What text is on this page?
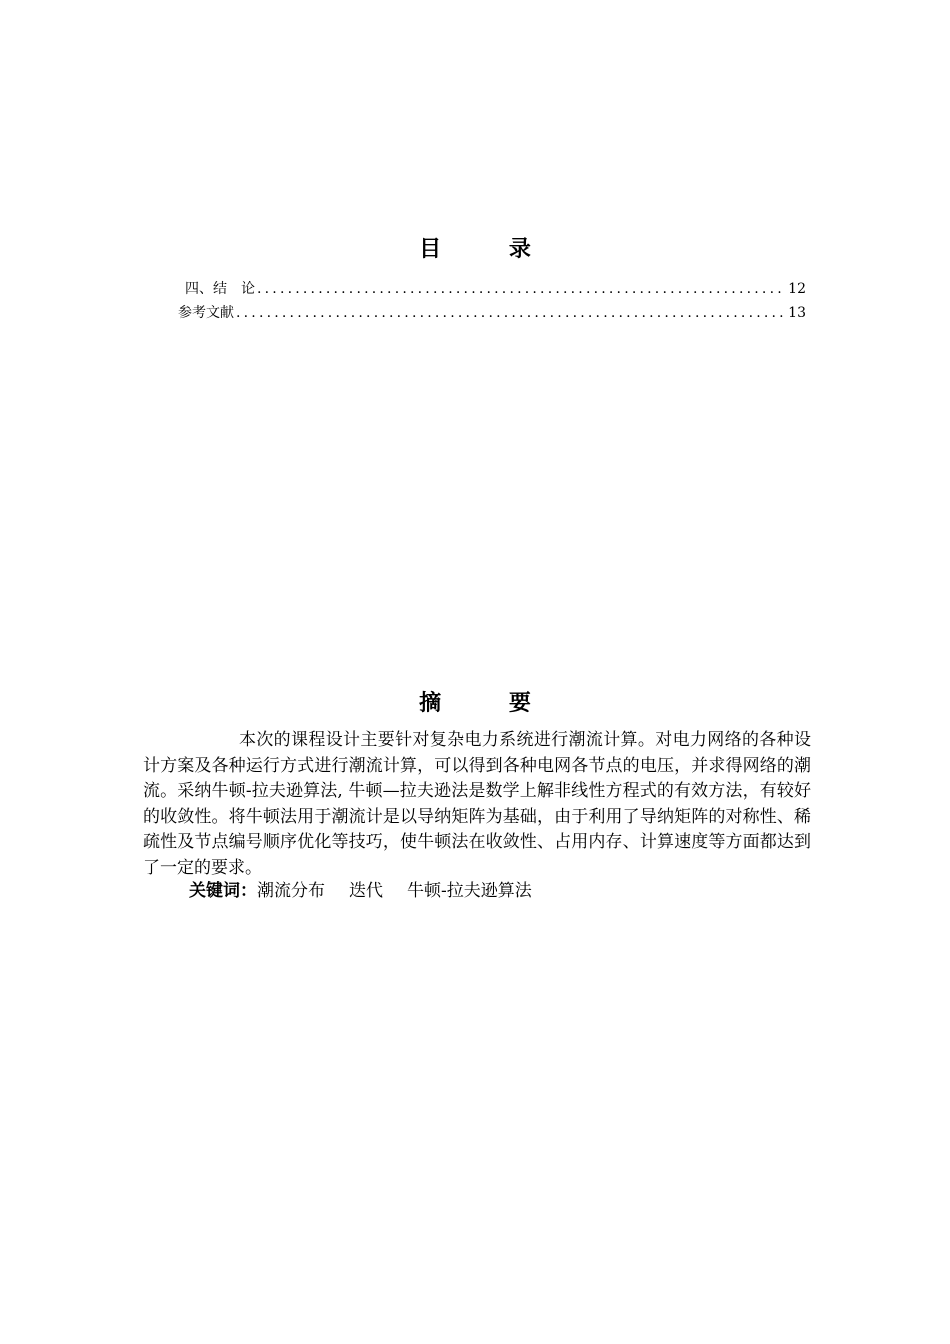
目 录
四、结　论 .....	12
参考文献 .....	13
摘 要
本次的课程设计主要针对复杂电力系统进行潮流计算。对电力网络的各种设计方案及各种运行方式进行潮流计算，可以得到各种电网各节点的电压，并求得网络的潮流。采纳牛顿-拉夫逊算法, 牛顿—拉夫逊法是数学上解非线性方程式的有效方法，有较好的收敛性。将牛顿法用于潮流计是以导纳矩阵为基础，由于利用了导纳矩阵的对称性、稀疏性及节点编号顺序优化等技巧，使牛顿法在收敛性、占用内存、计算速度等方面都达到了一定的要求。
关键词：潮流分布 迭代 牛顿-拉夫逊算法
